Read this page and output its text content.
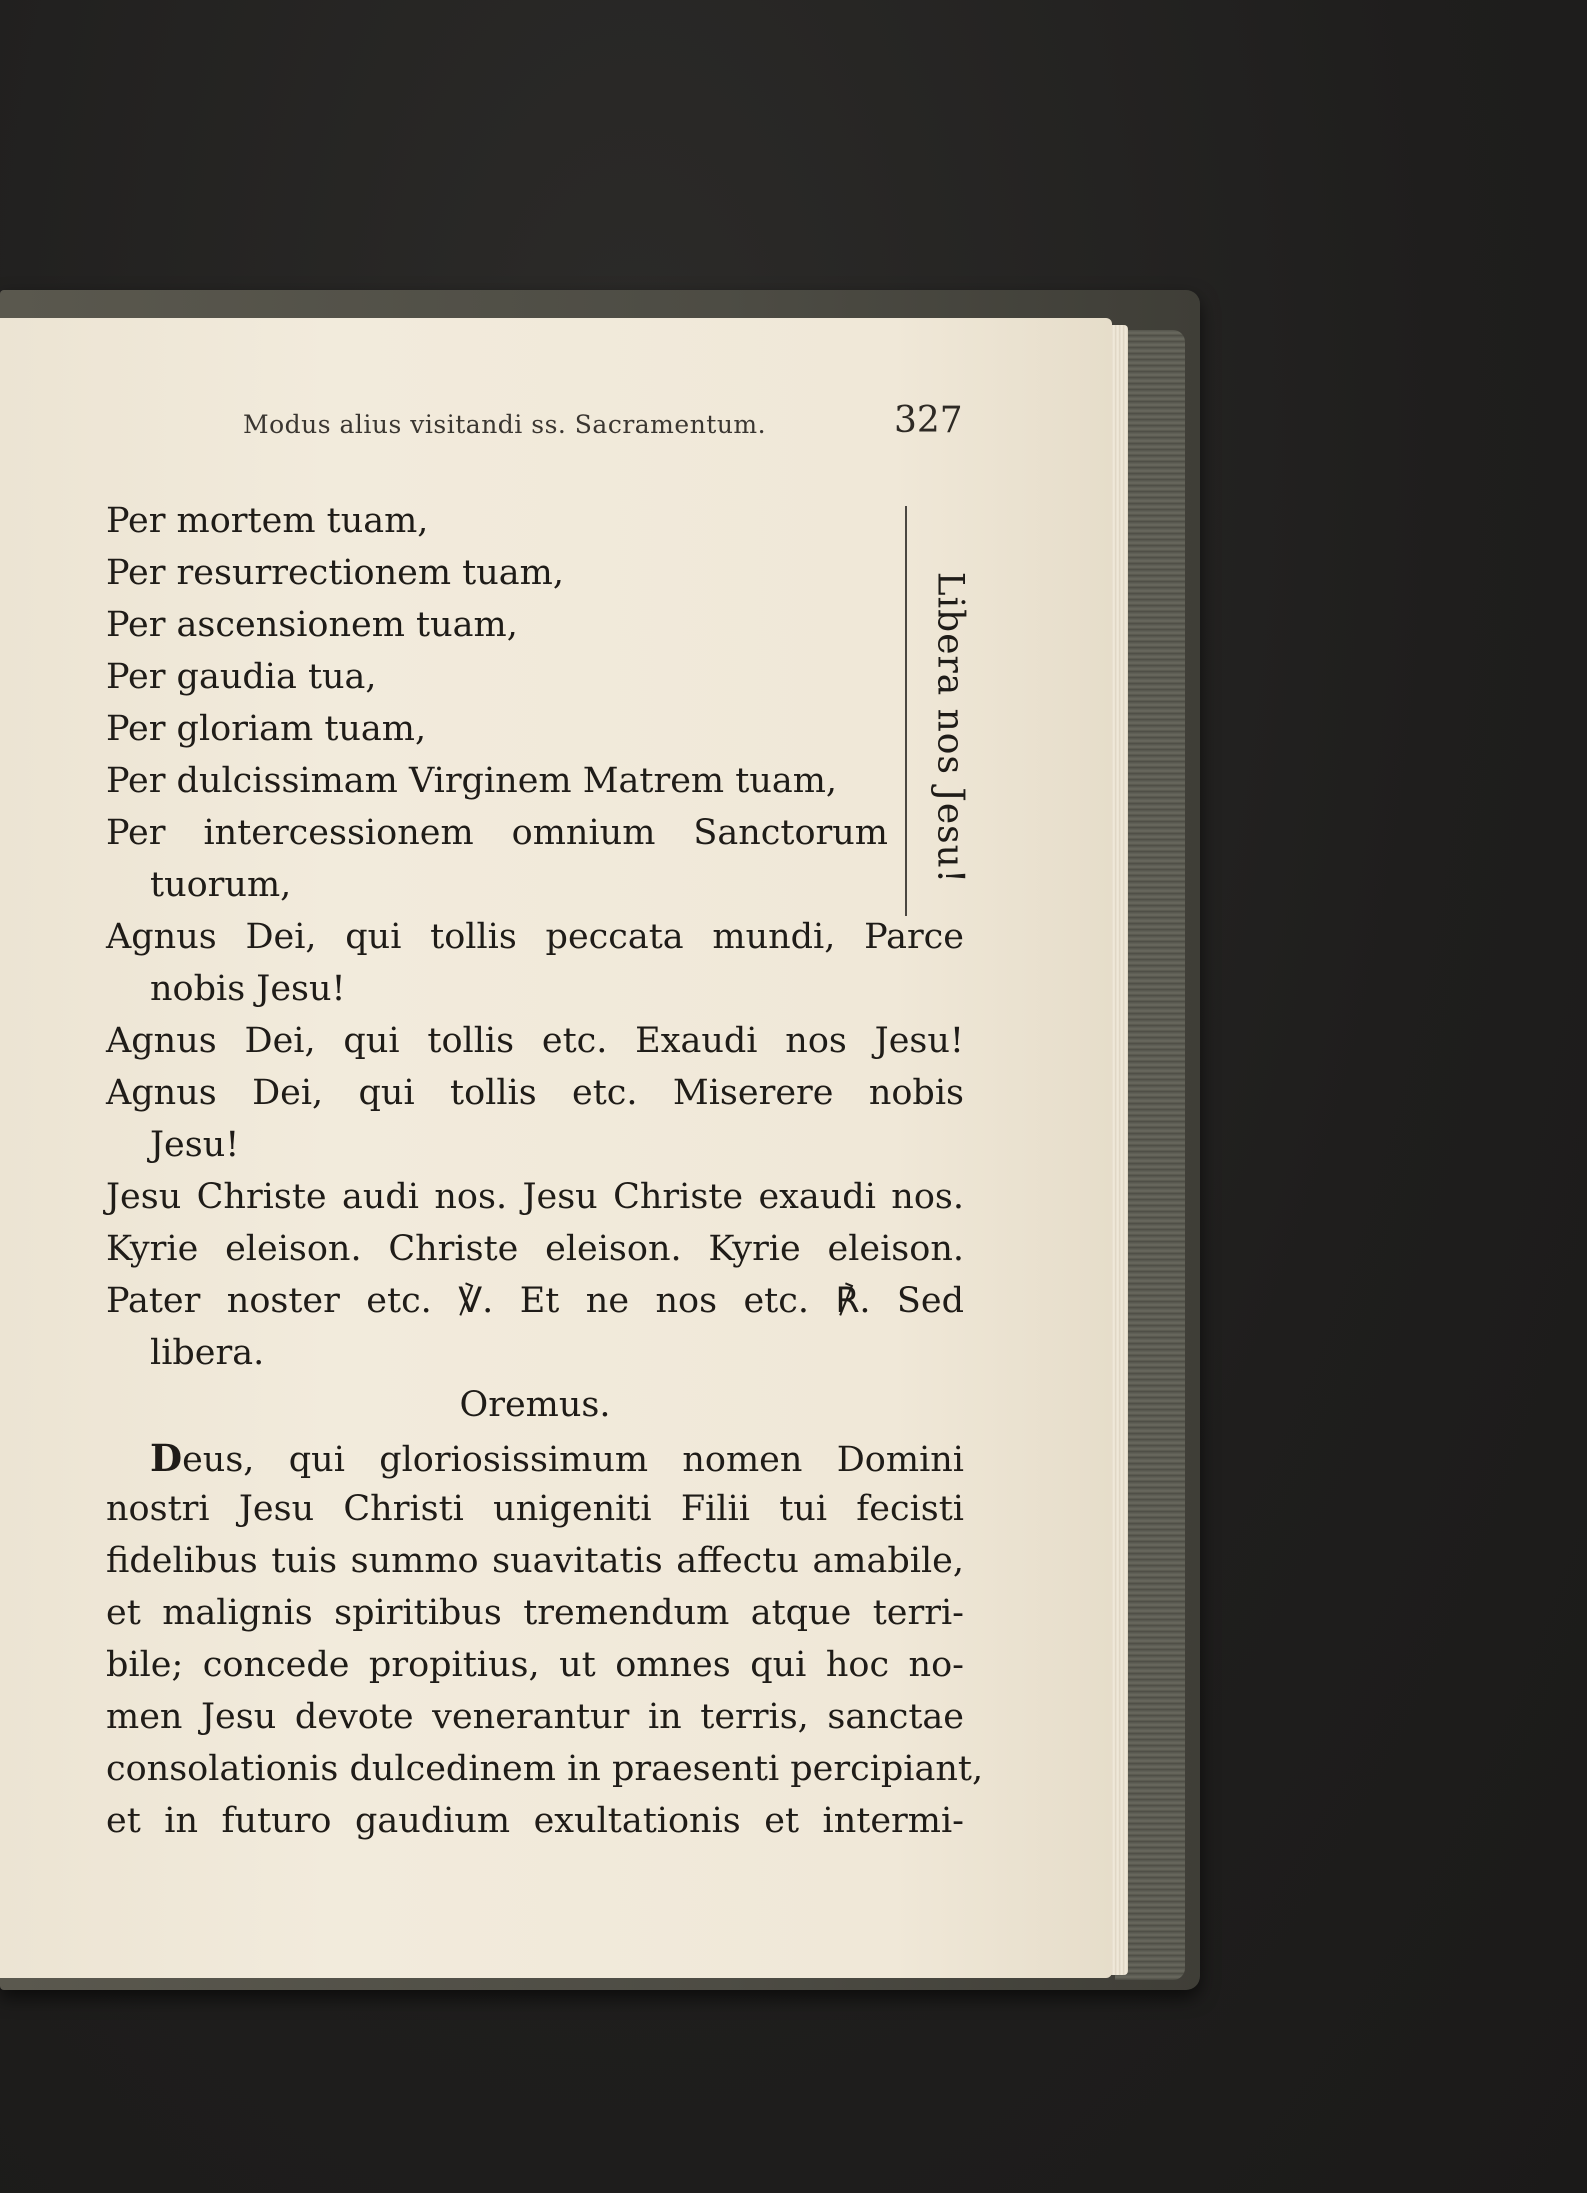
Modus alius visitandi ss. Sacramentum.	327
Per mortem tuam,
Per resurrectionem tuam,
Per ascensionem tuam,
Per gaudia tua,
Per gloriam tuam,
Per dulcissimam Virginem Matrem tuam,
Per intercessionem omnium Sanctorum
tuorum,
Libera nos Jesu!
Agnus Dei, qui tollis peccata mundi, Parce
nobis Jesu!
Agnus Dei, qui tollis etc. Exaudi nos Jesu!
Agnus Dei, qui tollis etc. Miserere nobis
Jesu!
Jesu Christe audi nos. Jesu Christe exaudi nos.
Kyrie eleison. Christe eleison. Kyrie eleison.
Pater noster etc. ℣. Et ne nos etc. ℟. Sed
libera.
Oremus.
Deus, qui gloriosissimum nomen Domini
nostri Jesu Christi unigeniti Filii tui fecisti
fidelibus tuis summo suavitatis affectu amabile,
et malignis spiritibus tremendum atque terri-
bile; concede propitius, ut omnes qui hoc no-
men Jesu devote venerantur in terris, sanctae
consolationis dulcedinem in praesenti percipiant,
et in futuro gaudium exultationis et intermi-
